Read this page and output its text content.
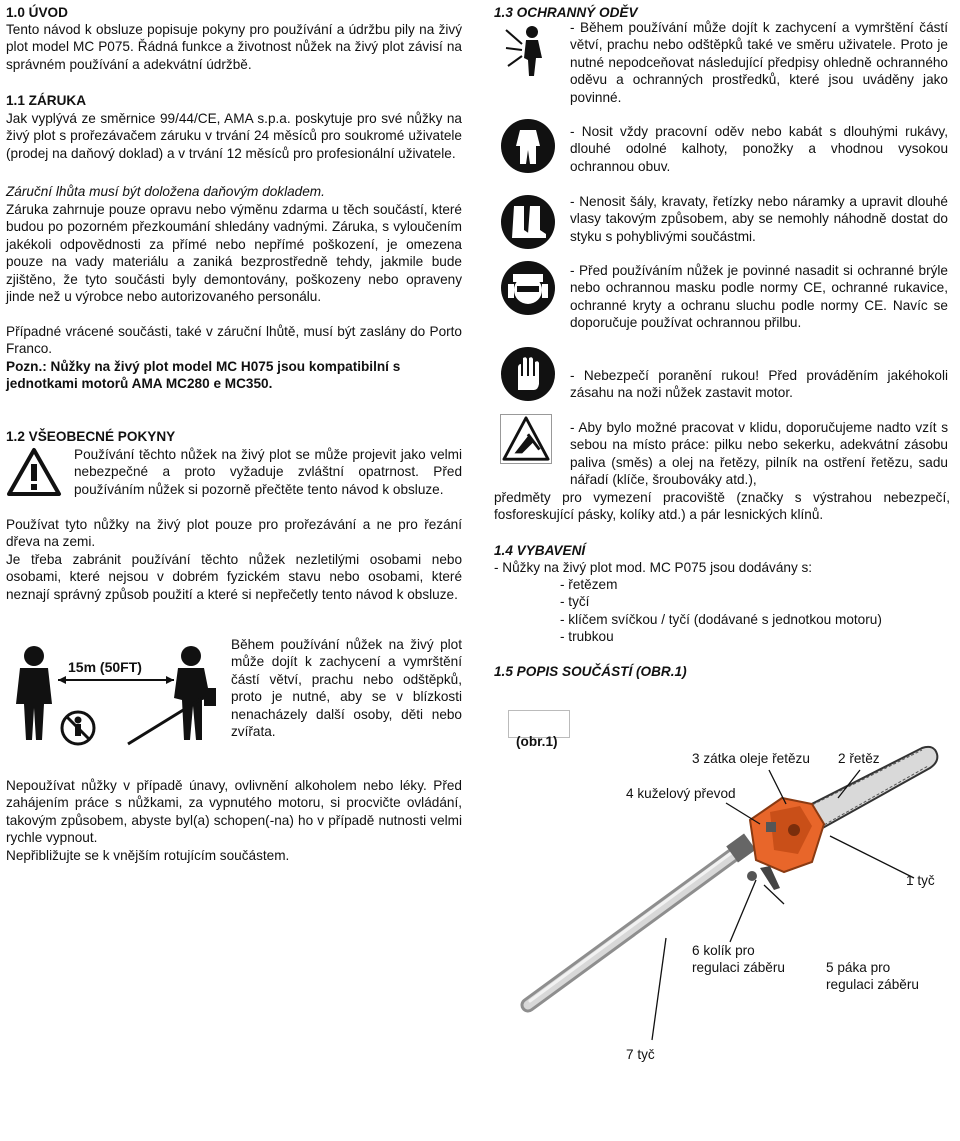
1.0 ÚVOD

Tento návod k obsluze popisuje pokyny pro používání a údržbu pily na živý plot model MC P075. Řádná funkce a životnost nůžek na živý plot závisí na správném používání a adekvátní údržbě.

1.1 ZÁRUKA

Jak vyplývá ze směrnice 99/44/CE, AMA s.p.a. poskytuje pro své nůžky na živý plot s prořezávačem záruku v trvání 24 měsíců pro soukromé uživatele (prodej na daňový doklad) a v trvání 12 měsíců pro profesionální uživatele.

Záruční lhůta musí být doložena daňovým dokladem.

Záruka zahrnuje pouze opravu nebo výměnu zdarma u těch součástí, které budou po pozorném přezkoumání shledány vadnými. Záruka, s vyloučením jakékoli odpovědnosti za přímé nebo nepřímé poškození, je omezena pouze na vady materiálu a zaniká bezprostředně tehdy, jakmile bude zjištěno, že tyto součásti byly demontovány, poškozeny nebo opraveny jinde než u výrobce nebo autorizovaného personálu.

Případné vrácené součásti, také v záruční lhůtě, musí být zaslány do Porto Franco.

Pozn.: Nůžky na živý plot model MC H075 jsou kompatibilní s jednotkami motorů AMA MC280 e MC350.

1.2 VŠEOBECNÉ POKYNY

Používání těchto nůžek na živý plot se může projevit jako velmi nebezpečné a proto vyžaduje zvláštní opatrnost. Před používáním nůžek si pozorně přečtěte tento návod k obsluze.

Používat tyto nůžky na živý plot pouze pro prořezávání a ne pro řezání dřeva na zemi.

Je třeba zabránit používání těchto nůžek nezletilými osobami nebo osobami, které nejsou v dobrém fyzickém stavu nebo osobami, které neznají správný způsob použití a které si nepřečetly tento návod k obsluze.

15m (50FT)

Během používání nůžek na živý plot může dojít k zachycení a vymrštění částí větví, prachu nebo odštěpků, proto je nutné, aby se v blízkosti nenacházely další osoby, děti nebo zvířata.

Nepoužívat nůžky v případě únavy, ovlivnění alkoholem nebo léky. Před zahájením práce s nůžkami, za vypnutého motoru, si procvičte ovládání, takovým způsobem, abyste byl(a) schopen(-na) ho v případě nutnosti velmi rychle vypnout.

Nepřibližujte se k vnějším rotujícím součástem.

1.3 OCHRANNÝ ODĚV

- Během používání může dojít k zachycení a vymrštění částí větví, prachu nebo odštěpků také ve směru uživatele. Proto je nutné nepodceňovat následující předpisy ohledně ochranného oděvu a ochranných prostředků, které jsou uváděny jako povinné.

- Nosit vždy pracovní oděv nebo kabát s dlouhými rukávy, dlouhé odolné kalhoty, ponožky a vhodnou vysokou ochrannou obuv.

- Nenosit šály, kravaty, řetízky nebo náramky a upravit dlouhé vlasy takovým způsobem, aby se nemohly náhodně dostat do styku s pohyblivými součástmi.

- Před používáním nůžek je povinné nasadit si ochranné brýle nebo ochrannou masku podle normy CE, ochranné rukavice, ochranné kryty a ochranu sluchu podle normy CE. Navíc se doporučuje používat ochrannou přilbu.

- Nebezpečí poranění rukou! Před prováděním jakéhokoli zásahu na noži nůžek zastavit motor.

- Aby bylo možné pracovat v klidu, doporučujeme nadto vzít s sebou na místo práce: pilku nebo sekerku, adekvátní zásobu paliva (směs) a olej na řetězy, pilník na ostření řetězu, sadu nářadí (klíče, šroubováky atd.),

předměty pro vymezení pracoviště (značky s výstrahou nebezpečí, fosforeskující pásky, kolíky atd.) a pár lesnických klínů.

1.4 VYBAVENÍ

- Nůžky na živý plot mod. MC P075 jsou dodávány s:

- řetězem
- tyčí
- klíčem svíčkou / tyčí (dodávané s jednotkou motoru)
- trubkou

1.5 POPIS SOUČÁSTÍ (OBR.1)

(obr.1)
3 zátka oleje řetězu 2 řetěz
4 kuželový převod
1 tyč
6 kolík pro
regulaci záběru	5 páka pro
regulaci záběru
7 tyč
